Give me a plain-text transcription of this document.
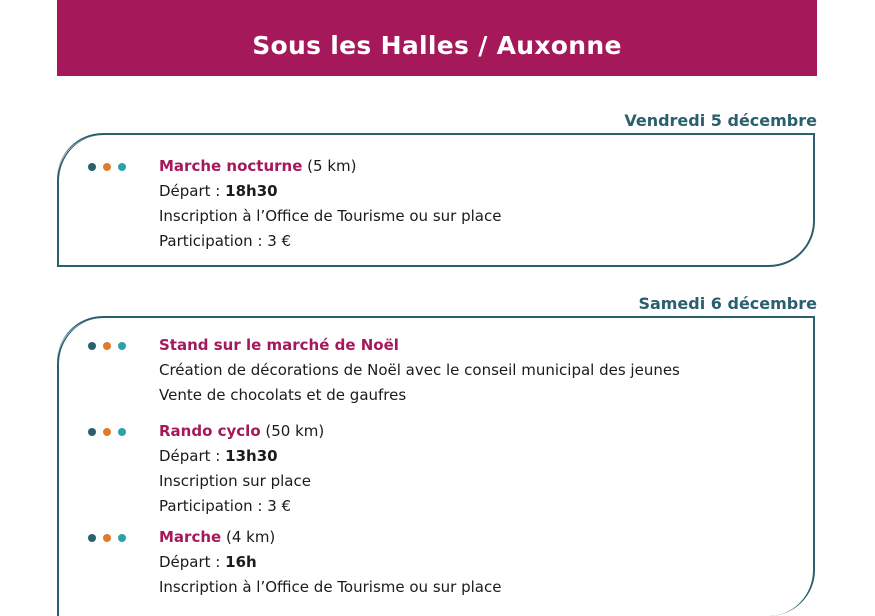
Sous les Halles / Auxonne
Vendredi 5 décembre
Marche nocturne (5 km)
Départ : 18h30
Inscription à l’Office de Tourisme ou sur place
Participation : 3 €
Samedi 6 décembre
Stand sur le marché de Noël
Création de décorations de Noël avec le conseil municipal des jeunes
Vente de chocolats et de gaufres
Rando cyclo (50 km)
Départ : 13h30
Inscription sur place
Participation : 3 €
Marche (4 km)
Départ : 16h
Inscription à l’Office de Tourisme ou sur place
